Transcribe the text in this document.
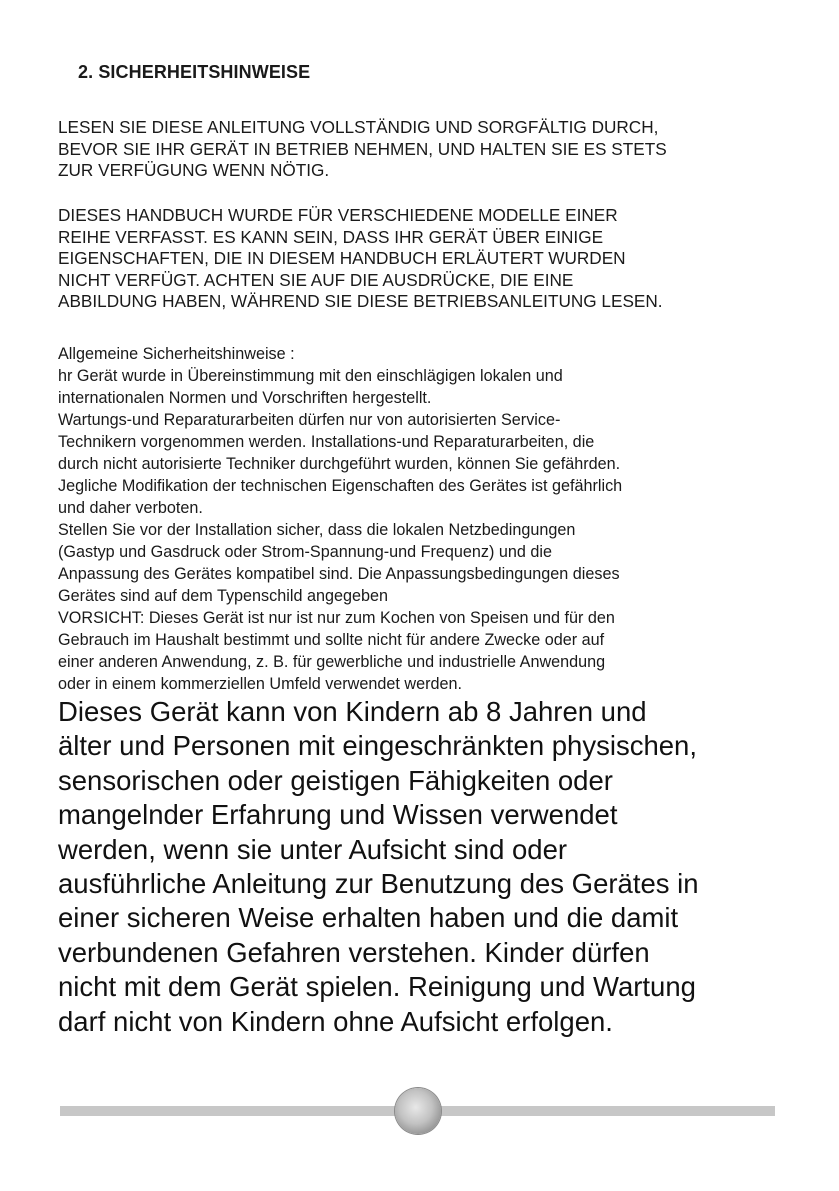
2. SICHERHEITSHINWEISE

LESEN SIE DIESE ANLEITUNG VOLLSTÄNDIG UND SORGFÄLTIG DURCH,
BEVOR SIE IHR GERÄT IN BETRIEB NEHMEN, UND HALTEN SIE ES STETS
ZUR VERFÜGUNG WENN NÖTIG.

DIESES HANDBUCH WURDE FÜR VERSCHIEDENE MODELLE EINER
REIHE VERFASST. ES KANN SEIN, DASS IHR GERÄT ÜBER EINIGE
EIGENSCHAFTEN, DIE IN DIESEM HANDBUCH ERLÄUTERT WURDEN
NICHT VERFÜGT. ACHTEN SIE AUF DIE AUSDRÜCKE, DIE EINE
ABBILDUNG HABEN, WÄHREND SIE DIESE BETRIEBSANLEITUNG LESEN.

Allgemeine Sicherheitshinweise :
hr Gerät wurde in Übereinstimmung mit den einschlägigen lokalen und
internationalen Normen und Vorschriften hergestellt.
Wartungs-und Reparaturarbeiten dürfen nur von autorisierten Service-
Technikern vorgenommen werden. Installations-und Reparaturarbeiten, die
durch nicht autorisierte Techniker durchgeführt wurden, können Sie gefährden.
Jegliche Modifikation der technischen Eigenschaften des Gerätes ist gefährlich
und daher verboten.
Stellen Sie vor der Installation sicher, dass die lokalen Netzbedingungen
(Gastyp und Gasdruck oder Strom-Spannung-und Frequenz) und die
Anpassung des Gerätes kompatibel sind. Die Anpassungsbedingungen dieses
Gerätes sind auf dem Typenschild angegeben
VORSICHT: Dieses Gerät ist nur ist nur zum Kochen von Speisen und für den
Gebrauch im Haushalt bestimmt und sollte nicht für andere Zwecke oder auf
einer anderen Anwendung, z. B. für gewerbliche und industrielle Anwendung
oder in einem kommerziellen Umfeld verwendet werden.

Dieses Gerät kann von Kindern ab 8 Jahren und
älter und Personen mit eingeschränkten physischen,
sensorischen oder geistigen Fähigkeiten oder
mangelnder Erfahrung und Wissen verwendet
werden, wenn sie unter Aufsicht sind oder
ausführliche Anleitung zur Benutzung des Gerätes in
einer sicheren Weise erhalten haben und die damit
verbundenen Gefahren verstehen. Kinder dürfen
nicht mit dem Gerät spielen. Reinigung und Wartung
darf nicht von Kindern ohne Aufsicht erfolgen.
